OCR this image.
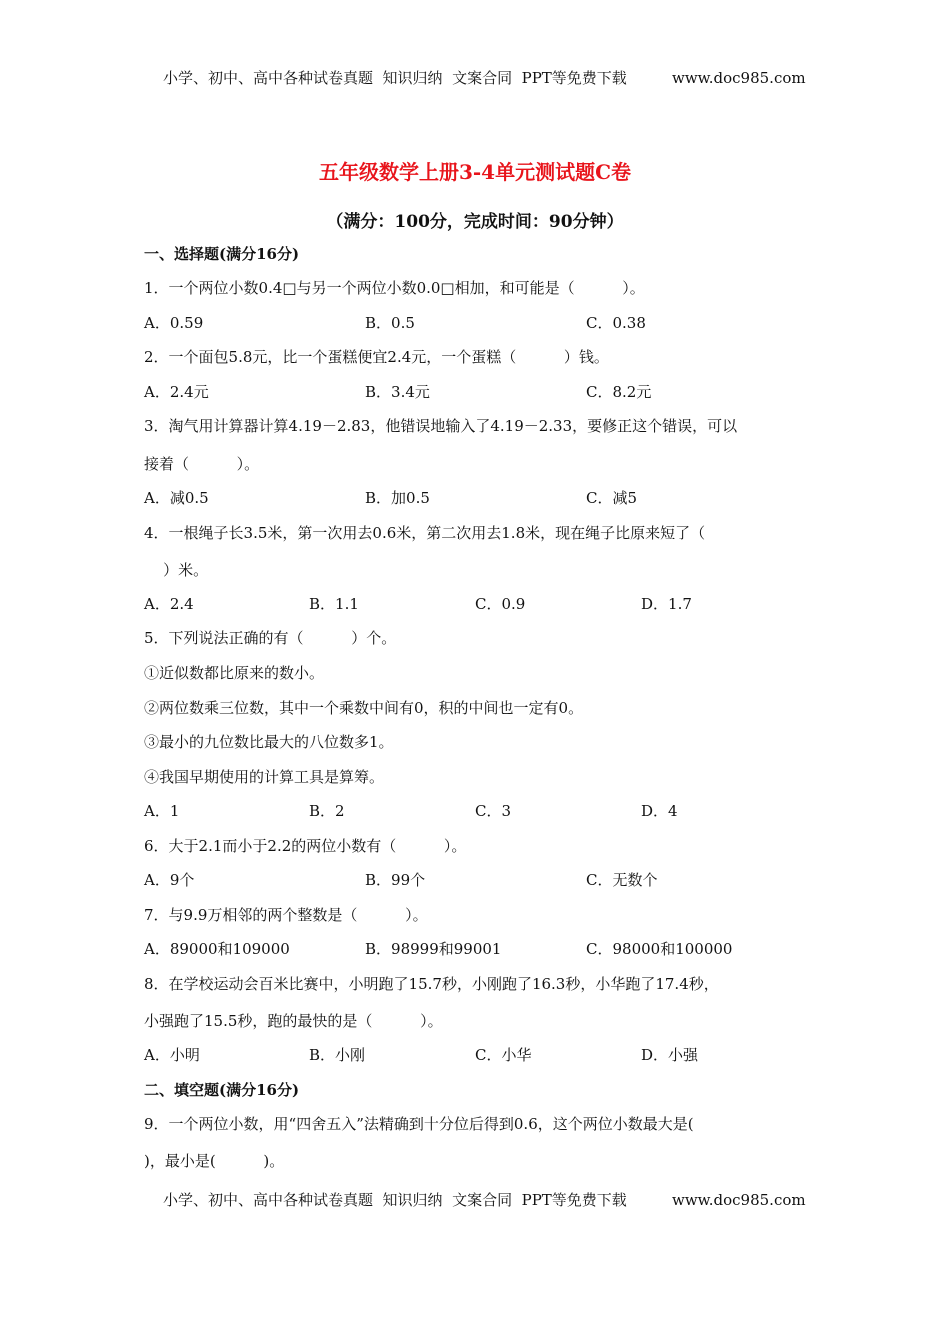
小学、初中、高中各种试卷真题  知识归纳  文案合同  PPT等免费下载	www.doc985.com
五年级数学上册3-4单元测试题C卷
（满分：100分，完成时间：90分钟）
一、选择题(满分16分)
1．一个两位小数0.4□与另一个两位小数0.0□相加，和可能是（          ）。
A．0.59	B．0.5	C．0.38
2．一个面包5.8元，比一个蛋糕便宜2.4元，一个蛋糕（          ）钱。
A．2.4元	B．3.4元	C．8.2元
3．淘气用计算器计算4.19－2.83，他错误地输入了4.19－2.33，要修正这个错误，可以
接着（          ）。
A．减0.5	B．加0.5	C．减5
4．一根绳子长3.5米，第一次用去0.6米，第二次用去1.8米，现在绳子比原来短了（
）米。
A．2.4	B．1.1	C．0.9	D．1.7
5．下列说法正确的有（          ）个。
①近似数都比原来的数小。
②两位数乘三位数，其中一个乘数中间有0，积的中间也一定有0。
③最小的九位数比最大的八位数多1。
④我国早期使用的计算工具是算筹。
A．1	B．2	C．3	D．4
6．大于2.1而小于2.2的两位小数有（          ）。
A．9个	B．99个	C．无数个
7．与9.9万相邻的两个整数是（          ）。
A．89000和109000	B．98999和99001	C．98000和100000
8．在学校运动会百米比赛中，小明跑了15.7秒，小刚跑了16.3秒，小华跑了17.4秒，
小强跑了15.5秒，跑的最快的是（          ）。
A．小明	B．小刚	C．小华	D．小强
二、填空题(满分16分)
9．一个两位小数，用“四舍五入”法精确到十分位后得到0.6，这个两位小数最大是(
)，最小是(          )。
小学、初中、高中各种试卷真题  知识归纳  文案合同  PPT等免费下载	www.doc985.com
